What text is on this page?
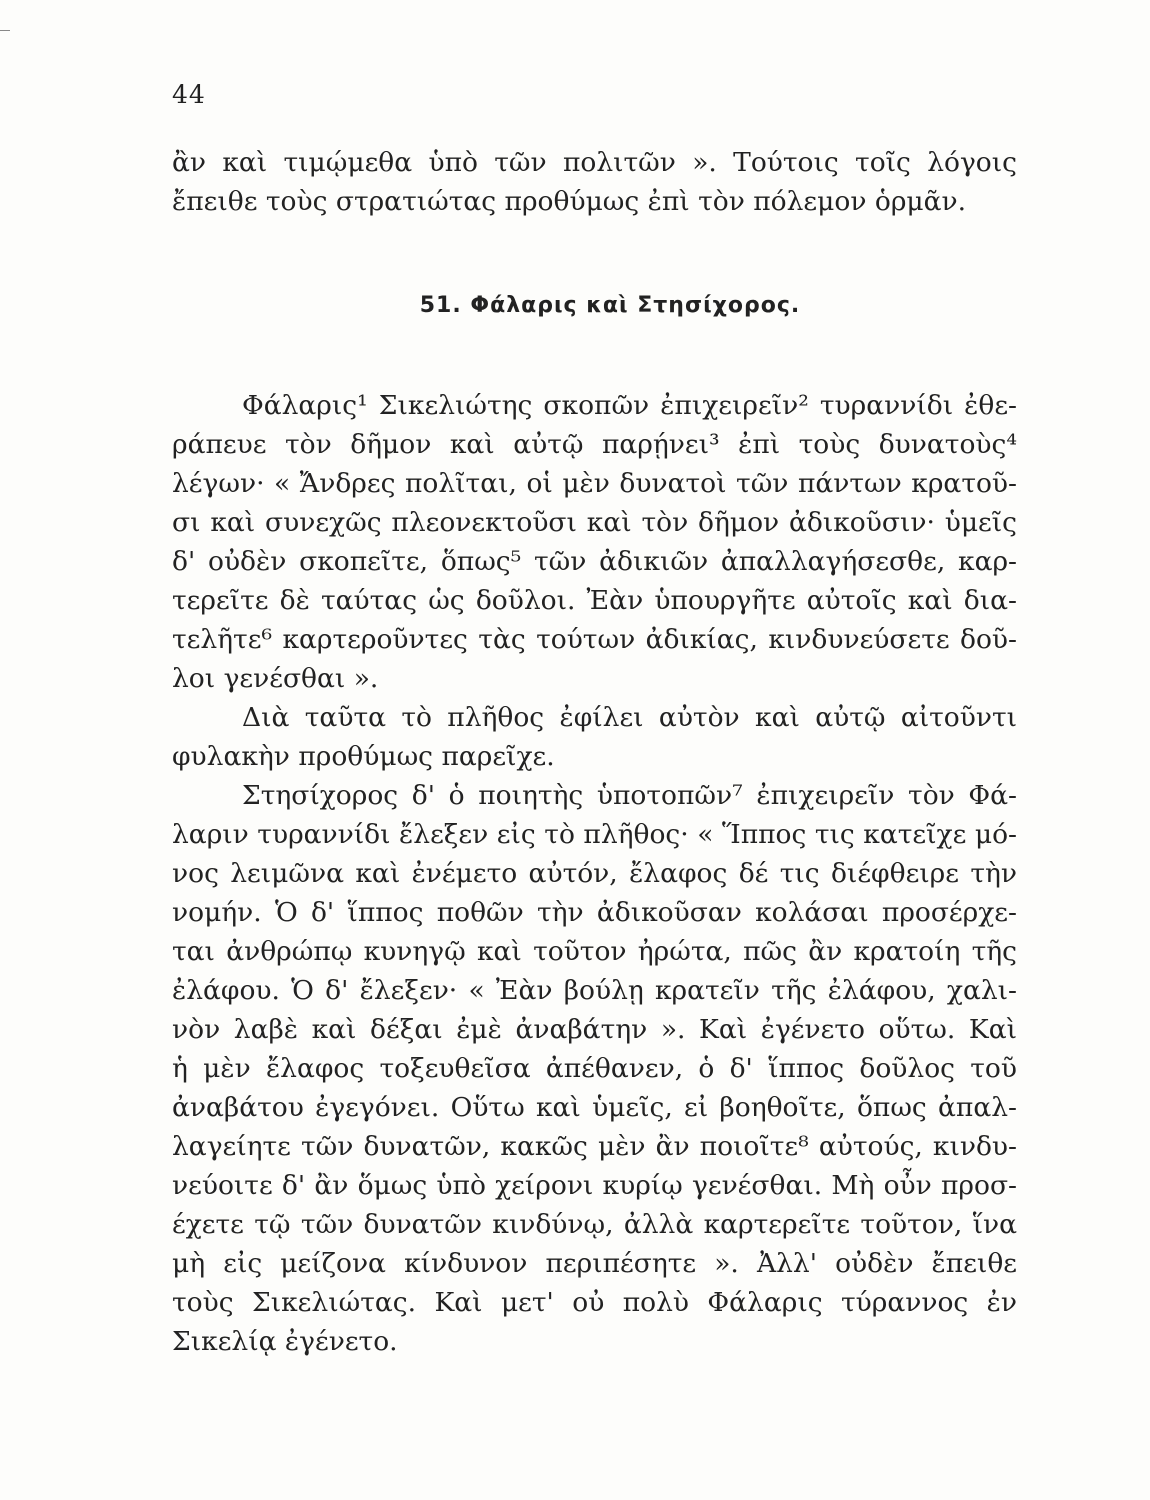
44
ἂν καὶ τιμῴμεθα ὑπὸ τῶν πολιτῶν ». Τούτοις τοῖς λόγοις
ἔπειθε τοὺς στρατιώτας προθύμως ἐπὶ τὸν πόλεμον ὁρμᾶν.
51. Φάλαρις καὶ Στησίχορος.
Φάλαρις¹ Σικελιώτης σκοπῶν ἐπιχειρεῖν² τυραννίδι ἐθε-
ράπευε τὸν δῆμον καὶ αὐτῷ παρῄνει³ ἐπὶ τοὺς δυνατοὺς⁴
λέγων· « Ἄνδρες πολῖται, οἱ μὲν δυνατοὶ τῶν πάντων κρατοῦ-
σι καὶ συνεχῶς πλεονεκτοῦσι καὶ τὸν δῆμον ἀδικοῦσιν· ὑμεῖς
δ' οὐδὲν σκοπεῖτε, ὅπως⁵ τῶν ἀδικιῶν ἀπαλλαγήσεσθε, καρ-
τερεῖτε δὲ ταύτας ὡς δοῦλοι. Ἐὰν ὑπουργῆτε αὐτοῖς καὶ δια-
τελῆτε⁶ καρτεροῦντες τὰς τούτων ἀδικίας, κινδυνεύσετε δοῦ-
λοι γενέσθαι ».
Διὰ ταῦτα τὸ πλῆθος ἐφίλει αὐτὸν καὶ αὐτῷ αἰτοῦντι
φυλακὴν προθύμως παρεῖχε.
Στησίχορος δ' ὁ ποιητὴς ὑποτοπῶν⁷ ἐπιχειρεῖν τὸν Φά-
λαριν τυραννίδι ἔλεξεν εἰς τὸ πλῆθος· « Ἵππος τις κατεῖχε μό-
νος λειμῶνα καὶ ἐνέμετο αὐτόν, ἔλαφος δέ τις διέφθειρε τὴν
νομήν. Ὁ δ' ἵππος ποθῶν τὴν ἀδικοῦσαν κολάσαι προσέρχε-
ται ἀνθρώπῳ κυνηγῷ καὶ τοῦτον ἠρώτα, πῶς ἂν κρατοίη τῆς
ἐλάφου. Ὁ δ' ἔλεξεν· « Ἐὰν βούλῃ κρατεῖν τῆς ἐλάφου, χαλι-
νὸν λαβὲ καὶ δέξαι ἐμὲ ἀναβάτην ». Καὶ ἐγένετο οὕτω. Καὶ
ἡ μὲν ἔλαφος τοξευθεῖσα ἀπέθανεν, ὁ δ' ἵππος δοῦλος τοῦ
ἀναβάτου ἐγεγόνει. Οὕτω καὶ ὑμεῖς, εἰ βοηθοῖτε, ὅπως ἀπαλ-
λαγείητε τῶν δυνατῶν, κακῶς μὲν ἂν ποιοῖτε⁸ αὐτούς, κινδυ-
νεύοιτε δ' ἂν ὅμως ὑπὸ χείρονι κυρίῳ γενέσθαι. Μὴ οὖν προσ-
έχετε τῷ τῶν δυνατῶν κινδύνῳ, ἀλλὰ καρτερεῖτε τοῦτον, ἵνα
μὴ εἰς μείζονα κίνδυνον περιπέσητε ». Ἀλλ' οὐδὲν ἔπειθε
τοὺς Σικελιώτας. Καὶ μετ' οὐ πολὺ Φάλαρις τύραννος ἐν
Σικελίᾳ ἐγένετο.
